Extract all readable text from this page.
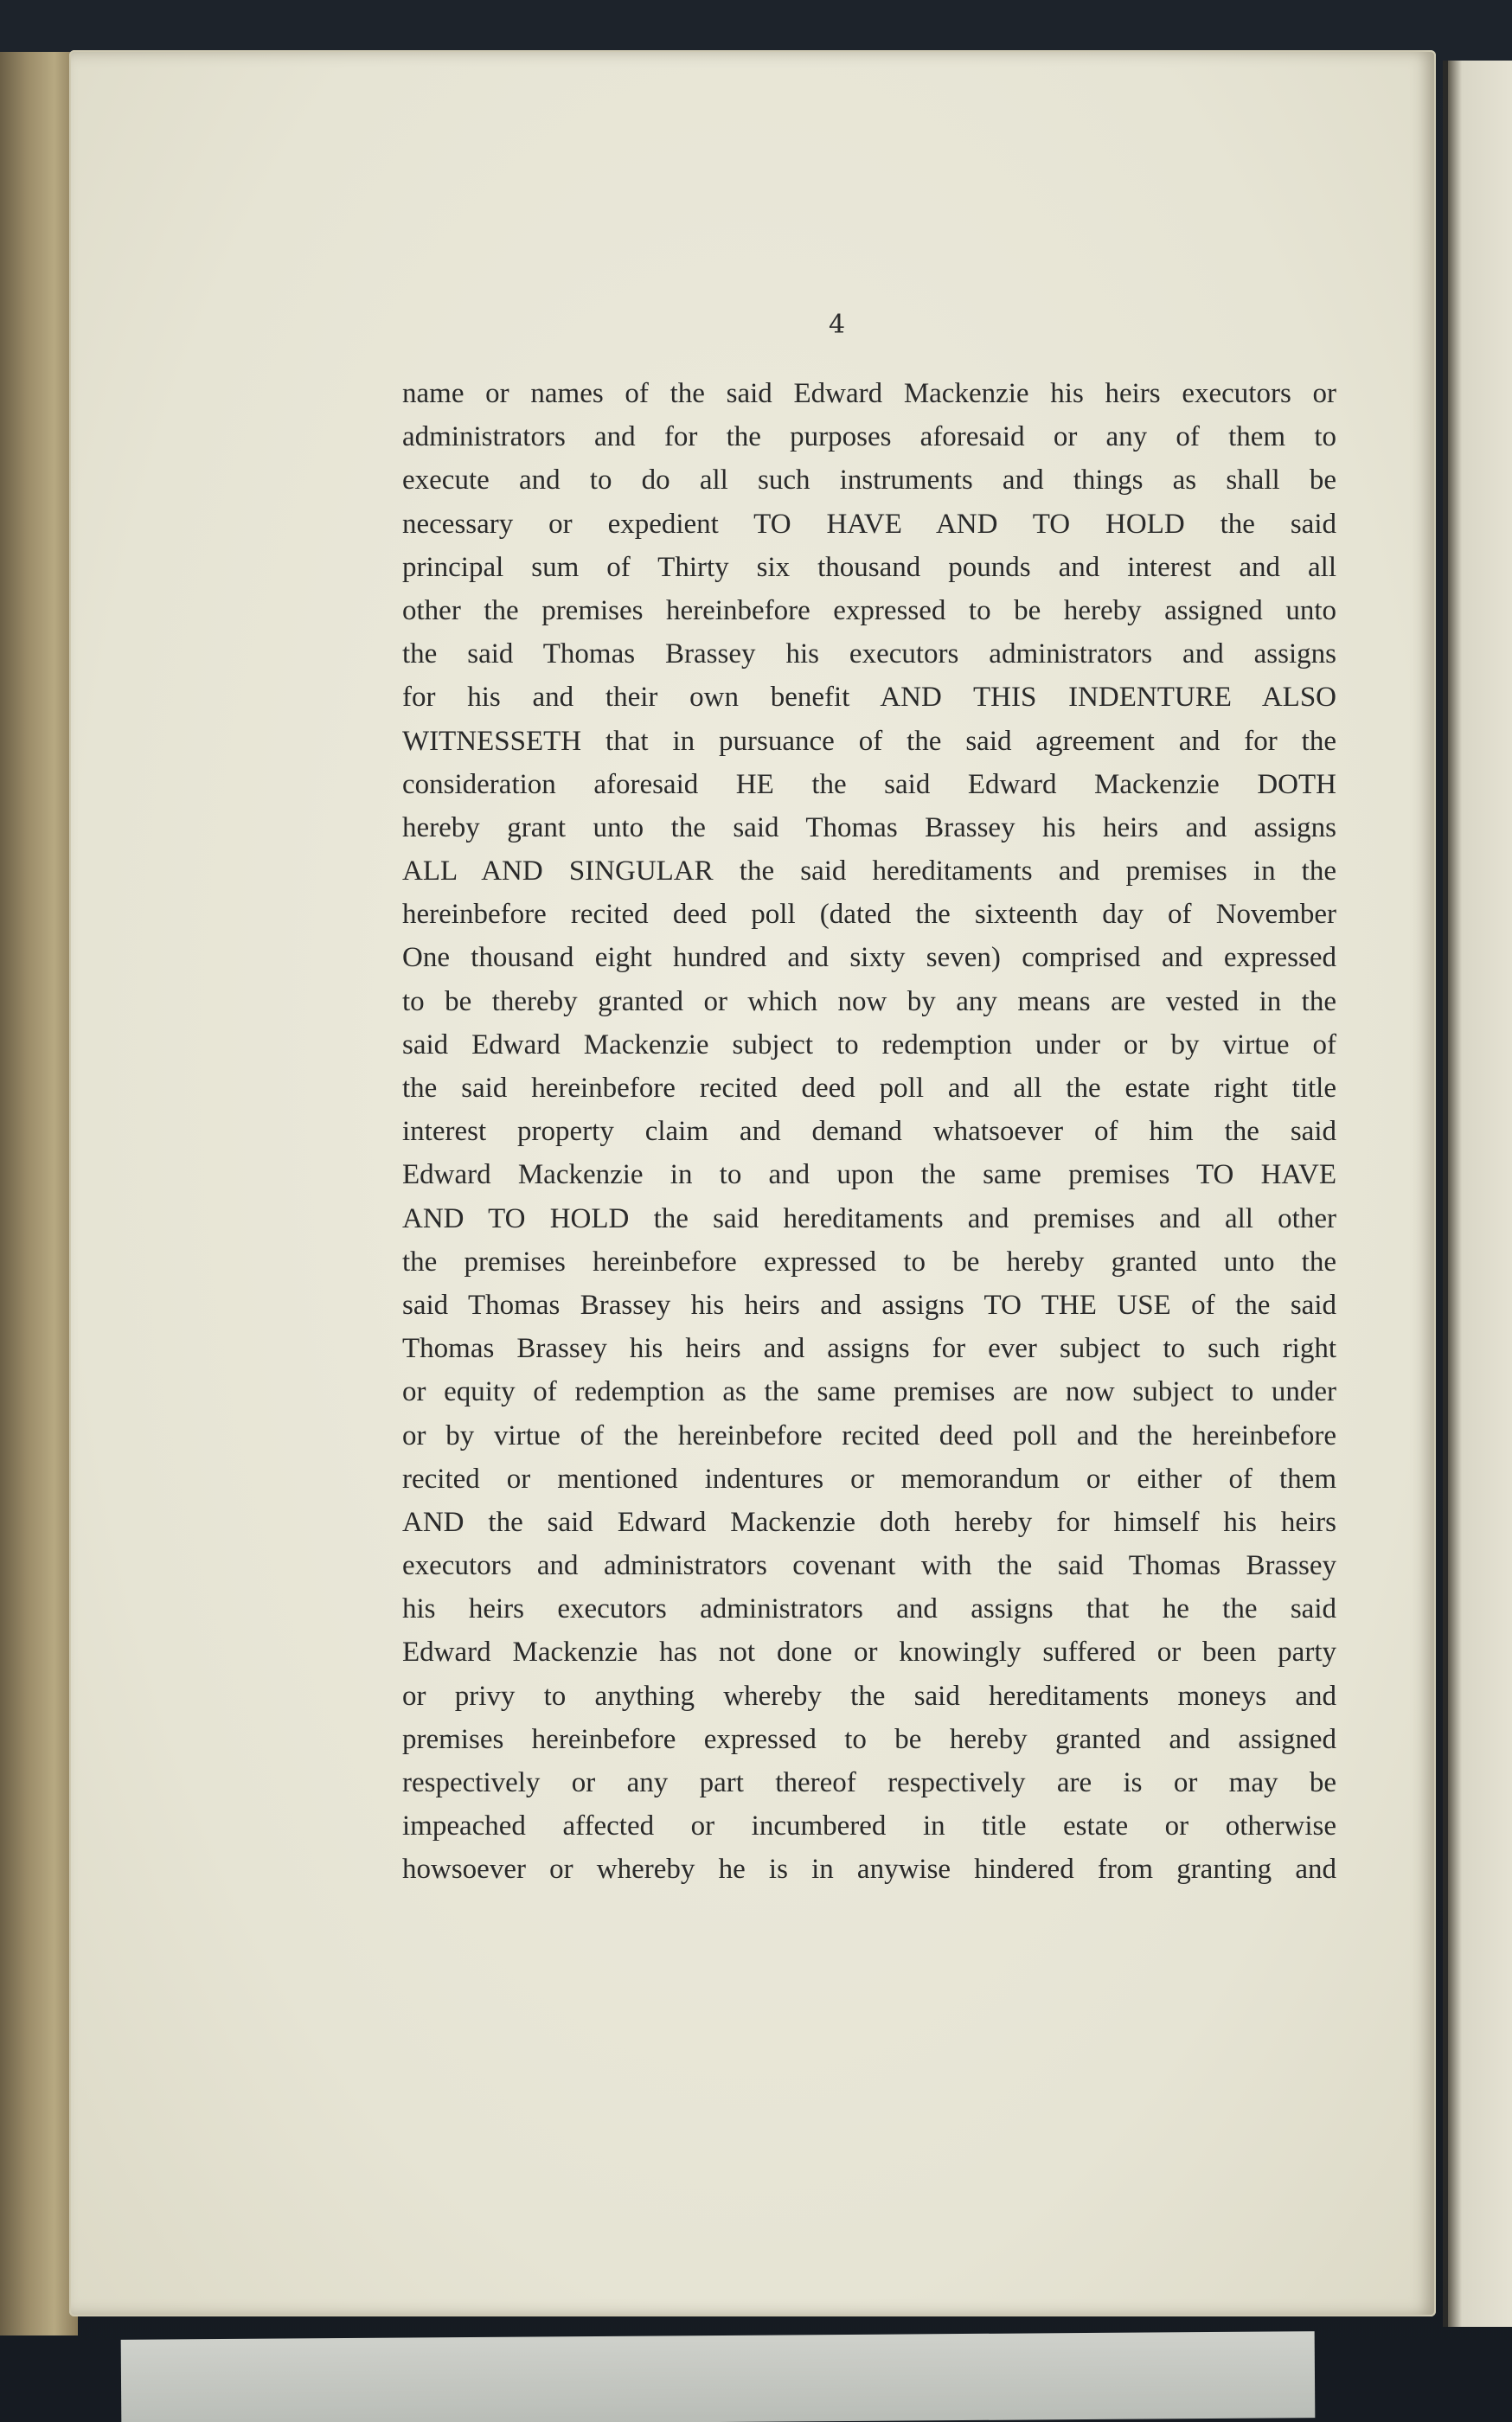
4
name or names of the said Edward Mackenzie his heirs executors or
administrators and for the purposes aforesaid or any of them to
execute and to do all such instruments and things as shall be
necessary or expedient TO HAVE AND TO HOLD the said
principal sum of Thirty six thousand pounds and interest and all
other the premises hereinbefore expressed to be hereby assigned unto
the said Thomas Brassey his executors administrators and assigns
for his and their own benefit AND THIS INDENTURE ALSO
WITNESSETH that in pursuance of the said agreement and for the
consideration aforesaid HE the said Edward Mackenzie DOTH
hereby grant unto the said Thomas Brassey his heirs and assigns
ALL AND SINGULAR the said hereditaments and premises in the
hereinbefore recited deed poll (dated the sixteenth day of November
One thousand eight hundred and sixty seven) comprised and expressed
to be thereby granted or which now by any means are vested in the
said Edward Mackenzie subject to redemption under or by virtue of
the said hereinbefore recited deed poll and all the estate right title
interest property claim and demand whatsoever of him the said
Edward Mackenzie in to and upon the same premises TO HAVE
AND TO HOLD the said hereditaments and premises and all other
the premises hereinbefore expressed to be hereby granted unto the
said Thomas Brassey his heirs and assigns TO THE USE of the said
Thomas Brassey his heirs and assigns for ever subject to such right
or equity of redemption as the same premises are now subject to under
or by virtue of the hereinbefore recited deed poll and the hereinbefore
recited or mentioned indentures or memorandum or either of them
AND the said Edward Mackenzie doth hereby for himself his heirs
executors and administrators covenant with the said Thomas Brassey
his heirs executors administrators and assigns that he the said
Edward Mackenzie has not done or knowingly suffered or been party
or privy to anything whereby the said hereditaments moneys and
premises hereinbefore expressed to be hereby granted and assigned
respectively or any part thereof respectively are is or may be
impeached affected or incumbered in title estate or otherwise
howsoever or whereby he is in anywise hindered from granting and
